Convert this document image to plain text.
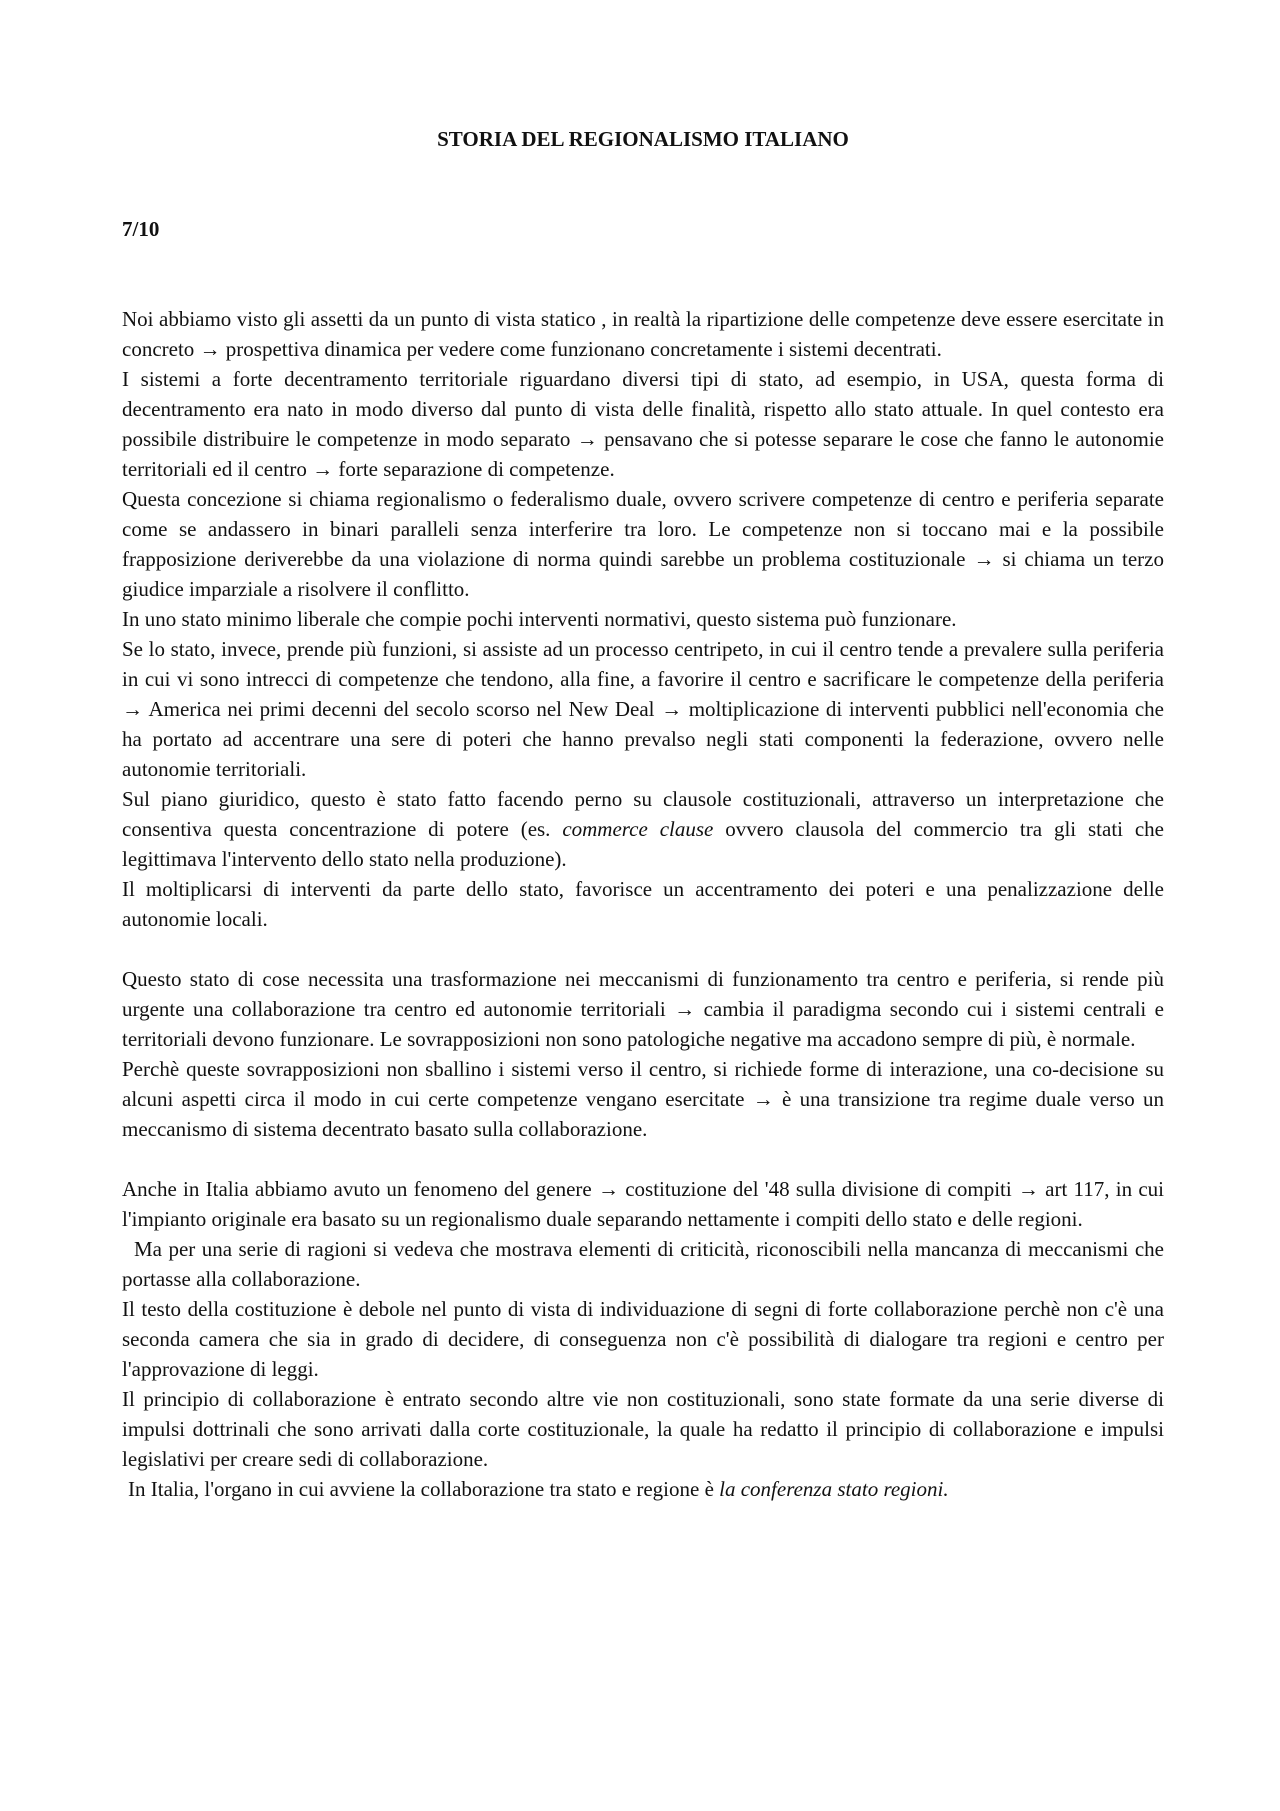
STORIA DEL REGIONALISMO ITALIANO

7/10

Noi abbiamo visto gli assetti da un punto di vista statico , in realtà la ripartizione delle competenze deve essere esercitate in concreto → prospettiva dinamica per vedere come funzionano concretamente i sistemi decentrati.

I sistemi a forte decentramento territoriale riguardano diversi tipi di stato, ad esempio, in USA, questa forma di decentramento era nato in modo diverso dal punto di vista delle finalità, rispetto allo stato attuale. In quel contesto era possibile distribuire le competenze in modo separato → pensavano che si potesse separare le cose che fanno le autonomie territoriali ed il centro → forte separazione di competenze.

Questa concezione si chiama regionalismo o federalismo duale, ovvero scrivere competenze di centro e periferia separate come se andassero in binari paralleli senza interferire tra loro. Le competenze non si toccano mai e la possibile frapposizione deriverebbe da una violazione di norma quindi sarebbe un problema costituzionale → si chiama un terzo giudice imparziale a risolvere il conflitto.

In uno stato minimo liberale che compie pochi interventi normativi, questo sistema può funzionare.

Se lo stato, invece, prende più funzioni, si assiste ad un processo centripeto, in cui il centro tende a prevalere sulla periferia in cui vi sono intrecci di competenze che tendono, alla fine, a favorire il centro e sacrificare le competenze della periferia → America nei primi decenni del secolo scorso nel New Deal → moltiplicazione di interventi pubblici nell'economia che ha portato ad accentrare una sere di poteri che hanno prevalso negli stati componenti la federazione, ovvero nelle autonomie territoriali.

Sul piano giuridico, questo è stato fatto facendo perno su clausole costituzionali, attraverso un interpretazione che consentiva questa concentrazione di potere (es. commerce clause ovvero clausola del commercio tra gli stati che legittimava l'intervento dello stato nella produzione).

Il moltiplicarsi di interventi da parte dello stato, favorisce un accentramento dei poteri e una penalizzazione delle autonomie locali.

Questo stato di cose necessita una trasformazione nei meccanismi di funzionamento tra centro e periferia, si rende più urgente una collaborazione tra centro ed autonomie territoriali → cambia il paradigma secondo cui i sistemi centrali e territoriali devono funzionare. Le sovrapposizioni non sono patologiche negative ma accadono sempre di più, è normale.

Perchè queste sovrapposizioni non sballino i sistemi verso il centro, si richiede forme di interazione, una co-decisione su alcuni aspetti circa il modo in cui certe competenze vengano esercitate → è una transizione tra regime duale verso un meccanismo di sistema decentrato basato sulla collaborazione.

Anche in Italia abbiamo avuto un fenomeno del genere → costituzione del '48 sulla divisione di compiti → art 117, in cui l'impianto originale era basato su un regionalismo duale separando nettamente i compiti dello stato e delle regioni.

Ma per una serie di ragioni si vedeva che mostrava elementi di criticità, riconoscibili nella mancanza di meccanismi che portasse alla collaborazione.

Il testo della costituzione è debole nel punto di vista di individuazione di segni di forte collaborazione perchè non c'è una seconda camera che sia in grado di decidere, di conseguenza non c'è possibilità di dialogare tra regioni e centro per l'approvazione di leggi.

Il principio di collaborazione è entrato secondo altre vie non costituzionali, sono state formate da una serie diverse di impulsi dottrinali che sono arrivati dalla corte costituzionale, la quale ha redatto il principio di collaborazione e impulsi legislativi per creare sedi di collaborazione.

In Italia, l'organo in cui avviene la collaborazione tra stato e regione è la conferenza stato regioni.
